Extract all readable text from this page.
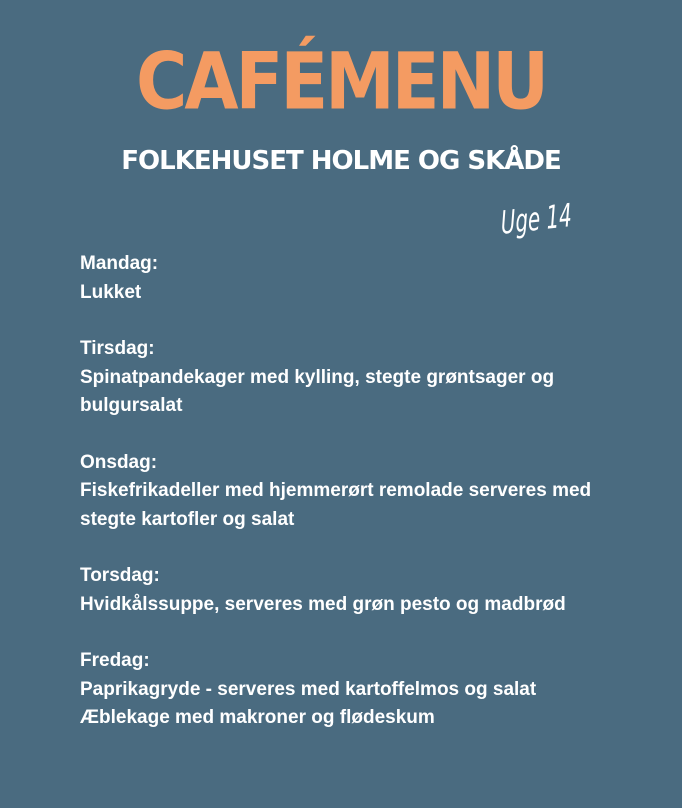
CAFÉMENU
FOLKEHUSET HOLME OG SKÅDE
Uge 14
Mandag:
Lukket
Tirsdag:
Spinatpandekager med kylling, stegte grøntsager og bulgursalat
Onsdag:
Fiskefrikadeller med hjemmerørt remolade serveres med stegte kartofler og salat
Torsdag:
Hvidkålssuppe, serveres med grøn pesto og madbrød
Fredag:
Paprikagryde - serveres med kartoffelmos og salat
Æblekage med makroner og flødeskum
